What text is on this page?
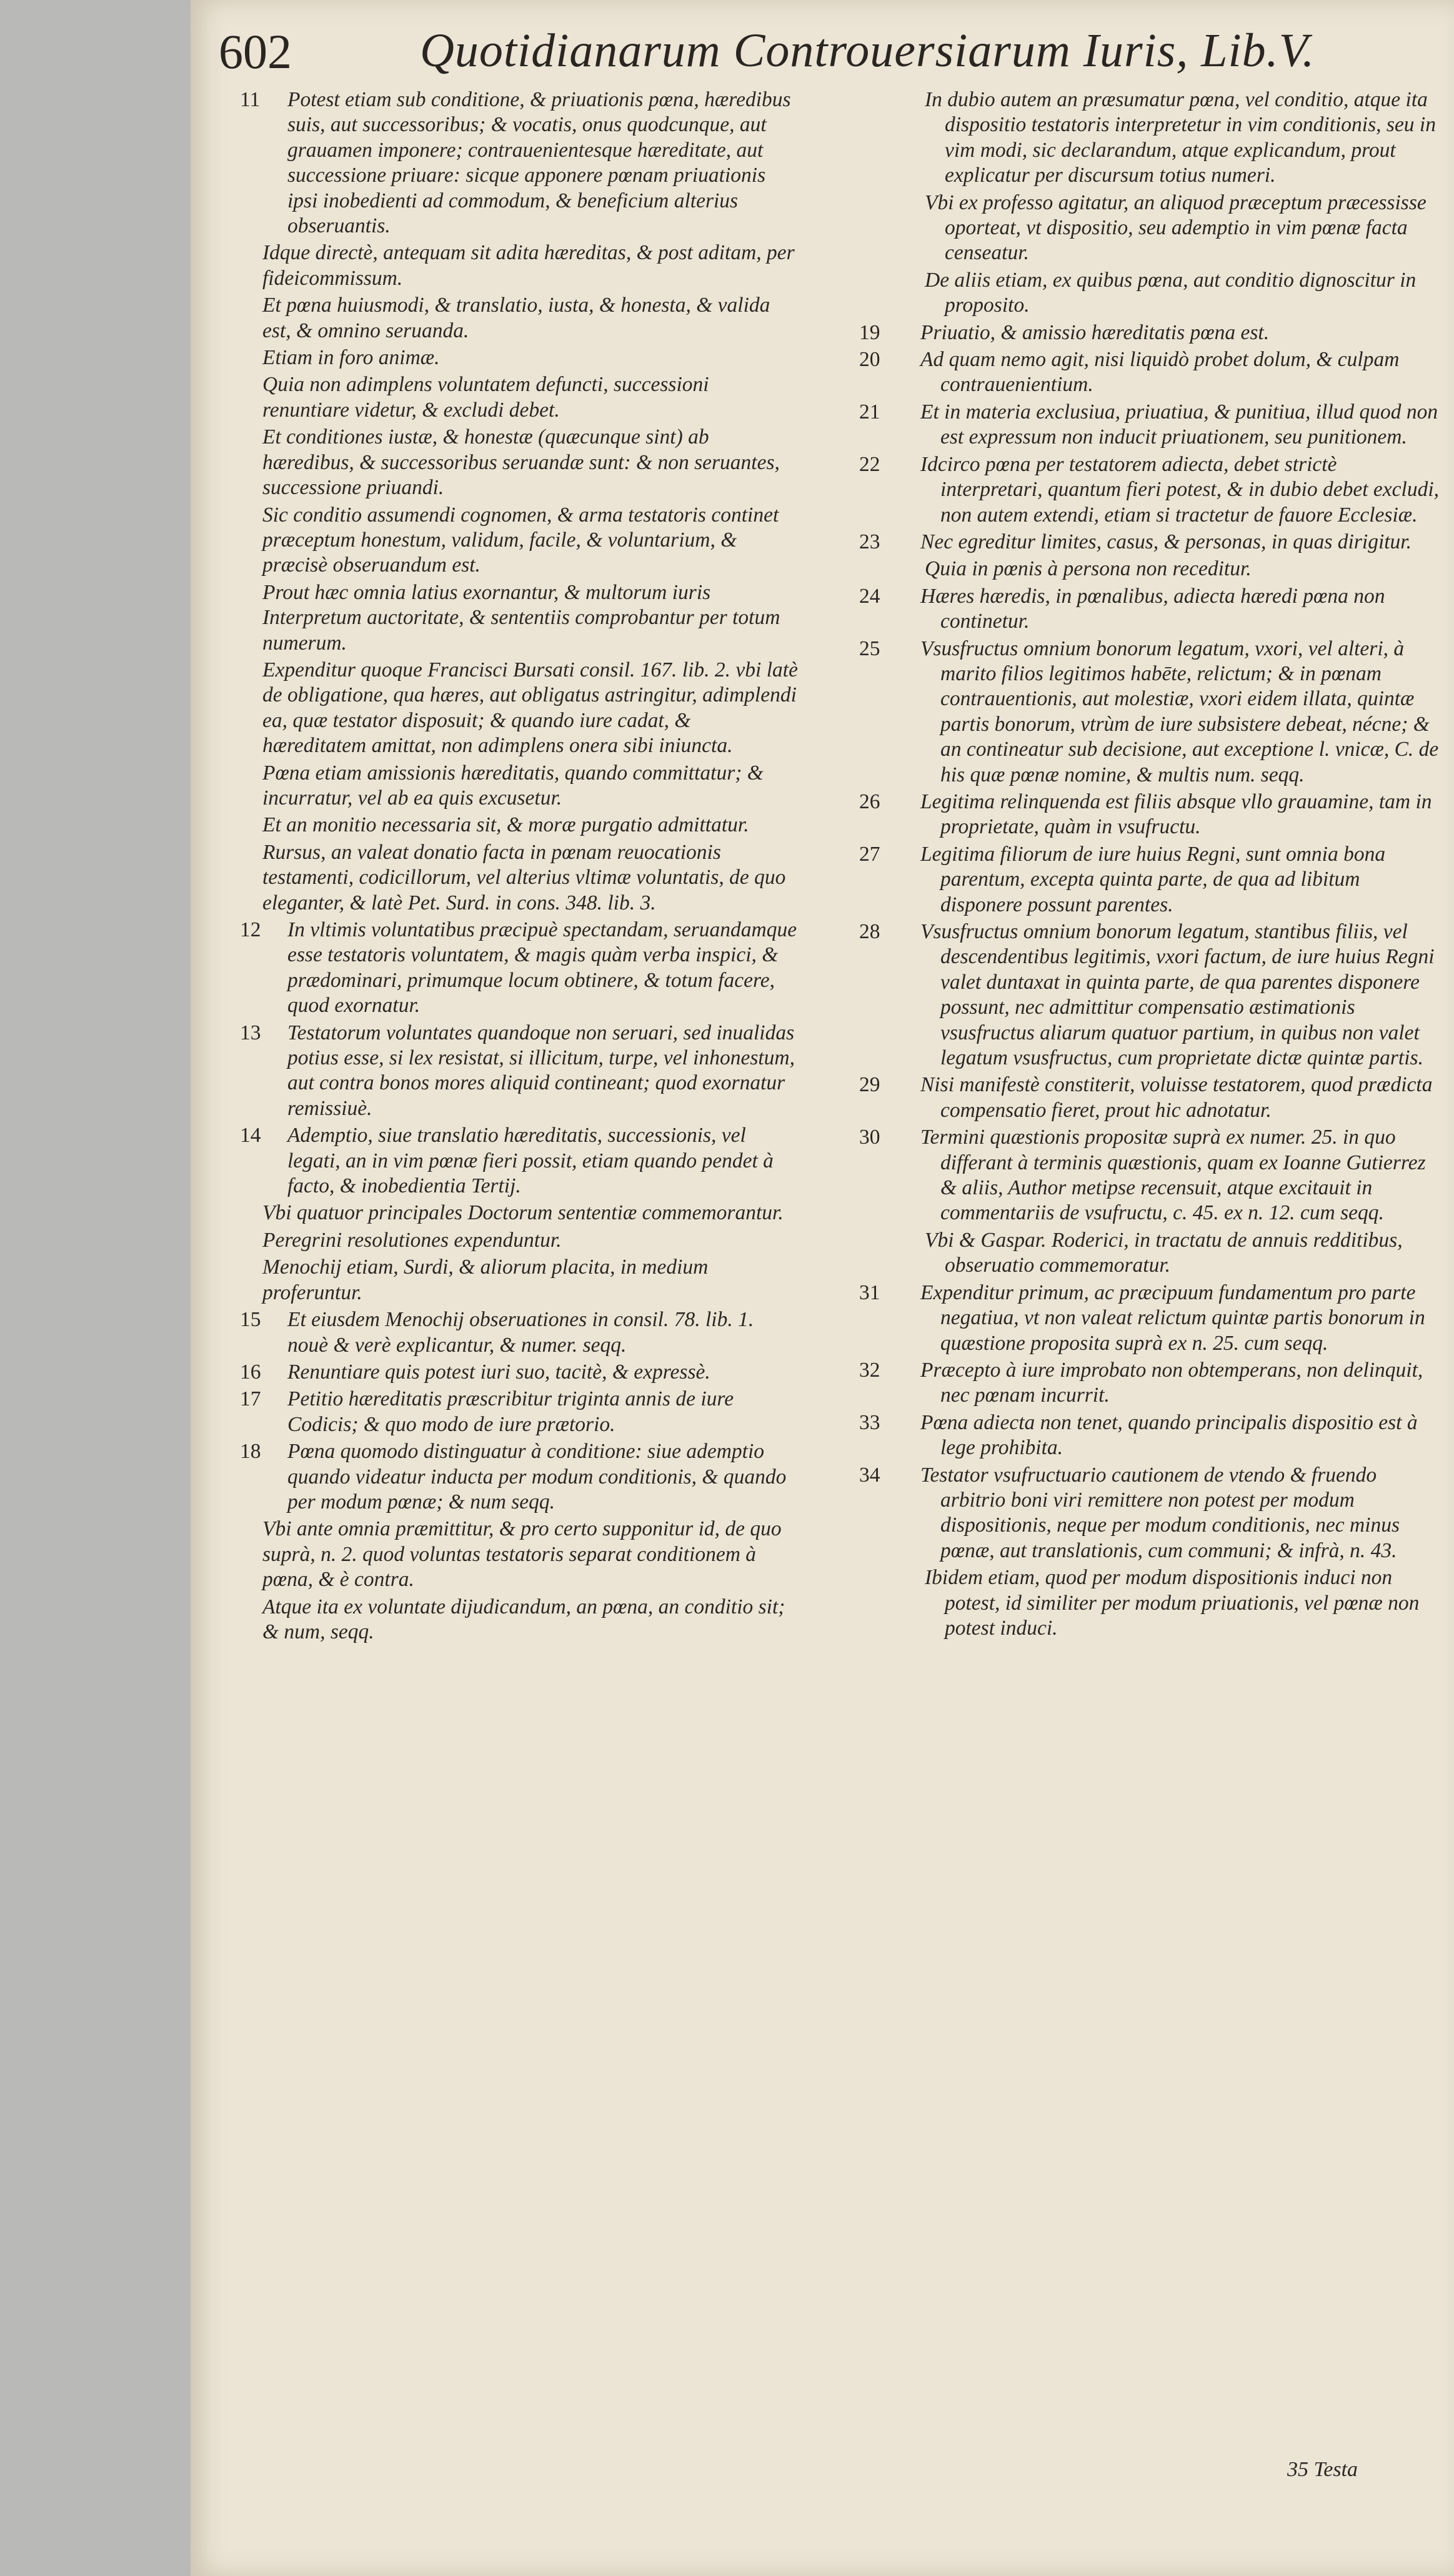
602	Quotidianarum Controuersiarum Iuris, Lib.V.
11 Potest etiam sub conditione, & priuationis pœna, hæredibus suis, aut successoribus; & vocatis, onus quodcunque, aut grauamen imponere; contrauenientesque hæreditate, aut successione priuare: sicque apponere pœnam priuationis ipsi inobedienti ad commodum, & beneficium alterius obseruantis.
Idque directè, antequam sit adita hæreditas, & post aditam, per fideicommissum.
Et pœna huiusmodi, & translatio, iusta, & honesta, & valida est, & omnino seruanda.
Etiam in foro animæ.
Quia non adimplens voluntatem defuncti, successioni renuntiare videtur, & excludi debet.
Et conditiones iustæ, & honestæ (quæcunque sint) ab hæredibus, & successoribus seruandæ sunt: & non seruantes, successione priuandi.
Sic conditio assumendi cognomen, & arma testatoris continet præceptum honestum, validum, facile, & voluntarium, & præcisè obseruandum est.
Prout hæc omnia latius exornantur, & multorum iuris Interpretum auctoritate, & sententiis comprobantur per totum numerum.
Expenditur quoque Francisci Bursati consil. 167. lib. 2. vbi latè de obligatione, qua hæres, aut obligatus astringitur, adimplendi ea, quæ testator disposuit; & quando iure cadat, & hæreditatem amittat, non adimplens onera sibi iniuncta.
Pœna etiam amissionis hæreditatis, quando committatur; & incurratur, vel ab ea quis excusetur.
Et an monitio necessaria sit, & moræ purgatio admittatur.
Rursus, an valeat donatio facta in pœnam reuocationis testamenti, codicillorum, vel alterius vltimæ voluntatis, de quo eleganter, & latè Pet. Surd. in cons. 348. lib. 3.
12 In vltimis voluntatibus præcipuè spectandam, seruandamque esse testatoris voluntatem, & magis quàm verba inspici, & prædominari, primumque locum obtinere, & totum facere, quod exornatur.
13 Testatorum voluntates quandoque non seruari, sed inualidas potius esse, si lex resistat, si illicitum, turpe, vel inhonestum, aut contra bonos mores aliquid contineant; quod exornatur remissiuè.
14 Ademptio, siue translatio hæreditatis, successionis, vel legati, an in vim pœnæ fieri possit, etiam quando pendet à facto, & inobedientia Tertij.
Vbi quatuor principales Doctorum sententiæ commemorantur.
Peregrini resolutiones expenduntur.
Menochij etiam, Surdi, & aliorum placita, in medium proferuntur.
15 Et eiusdem Menochij obseruationes in consil. 78. lib. 1. nouè & verè explicantur, & numer. seqq.
16 Renuntiare quis potest iuri suo, tacitè, & expressè.
17 Petitio hæreditatis præscribitur triginta annis de iure Codicis; & quo modo de iure prætorio.
18 Pœna quomodo distinguatur à conditione: siue ademptio quando videatur inducta per modum conditionis, & quando per modum pœnæ; & num seqq.
Vbi ante omnia præmittitur, & pro certo supponitur id, de quo suprà, n. 2. quod voluntas testatoris separat conditionem à pœna, & è contra.
Atque ita ex voluntate dijudicandum, an pœna, an conditio sit; & num, seqq.
In dubio autem an præsumatur pœna, vel conditio, atque ita dispositio testatoris interpretetur in vim conditionis, seu in vim modi, sic declarandum, atque explicandum, prout explicatur per discursum totius numeri.
Vbi ex professo agitatur, an aliquod præceptum præcessisse oporteat, vt dispositio, seu ademptio in vim pœnæ facta censeatur.
De aliis etiam, ex quibus pœna, aut conditio dignoscitur in proposito.
19 Priuatio, & amissio hæreditatis pœna est.
20 Ad quam nemo agit, nisi liquidò probet dolum, & culpam contrauenientium.
21 Et in materia exclusiua, priuatiua, & punitiua, illud quod non est expressum non inducit priuationem, seu punitionem.
22 Idcirco pœna per testatorem adiecta, debet strictè interpretari, quantum fieri potest, & in dubio debet excludi, non autem extendi, etiam si tractetur de fauore Ecclesiæ.
23 Nec egreditur limites, casus, & personas, in quas dirigitur.
Quia in pœnis à persona non receditur.
24 Hæres hæredis, in pœnalibus, adiecta hæredi pœna non continetur.
25 Vsusfructus omnium bonorum legatum, vxori, vel alteri, à marito filios legitimos habēte, relictum; & in pœnam contrauentionis, aut molestiæ, vxori eidem illata, quintæ partis bonorum, vtrùm de iure subsistere debeat, nécne; & an contineatur sub decisione, aut exceptione l. vnicæ, C. de his quæ pœnæ nomine, & multis num. seqq.
26 Legitima relinquenda est filiis absque vllo grauamine, tam in proprietate, quàm in vsufructu.
27 Legitima filiorum de iure huius Regni, sunt omnia bona parentum, excepta quinta parte, de qua ad libitum disponere possunt parentes.
28 Vsusfructus omnium bonorum legatum, stantibus filiis, vel descendentibus legitimis, vxori factum, de iure huius Regni valet duntaxat in quinta parte, de qua parentes disponere possunt, nec admittitur compensatio æstimationis vsusfructus aliarum quatuor partium, in quibus non valet legatum vsusfructus, cum proprietate dictæ quintæ partis.
29 Nisi manifestè constiterit, voluisse testatorem, quod prædicta compensatio fieret, prout hic adnotatur.
30 Termini quæstionis propositæ suprà ex numer. 25. in quo differant à terminis quæstionis, quam ex Ioanne Gutierrez & aliis, Author metipse recensuit, atque excitauit in commentariis de vsufructu, c. 45. ex n. 12. cum seqq.
Vbi & Gaspar. Roderici, in tractatu de annuis redditibus, obseruatio commemoratur.
31 Expenditur primum, ac præcipuum fundamentum pro parte negatiua, vt non valeat relictum quintæ partis bonorum in quæstione proposita suprà ex n. 25. cum seqq.
32 Præcepto à iure improbato non obtemperans, non delinquit, nec pœnam incurrit.
33 Pœna adiecta non tenet, quando principalis dispositio est à lege prohibita.
34 Testator vsufructuario cautionem de vtendo & fruendo arbitrio boni viri remittere non potest per modum dispositionis, neque per modum conditionis, nec minus pœnæ, aut translationis, cum communi; & infrà, n. 43.
Ibidem etiam, quod per modum dispositionis induci non potest, id similiter per modum priuationis, vel pœnæ non potest induci.
35 Testa
